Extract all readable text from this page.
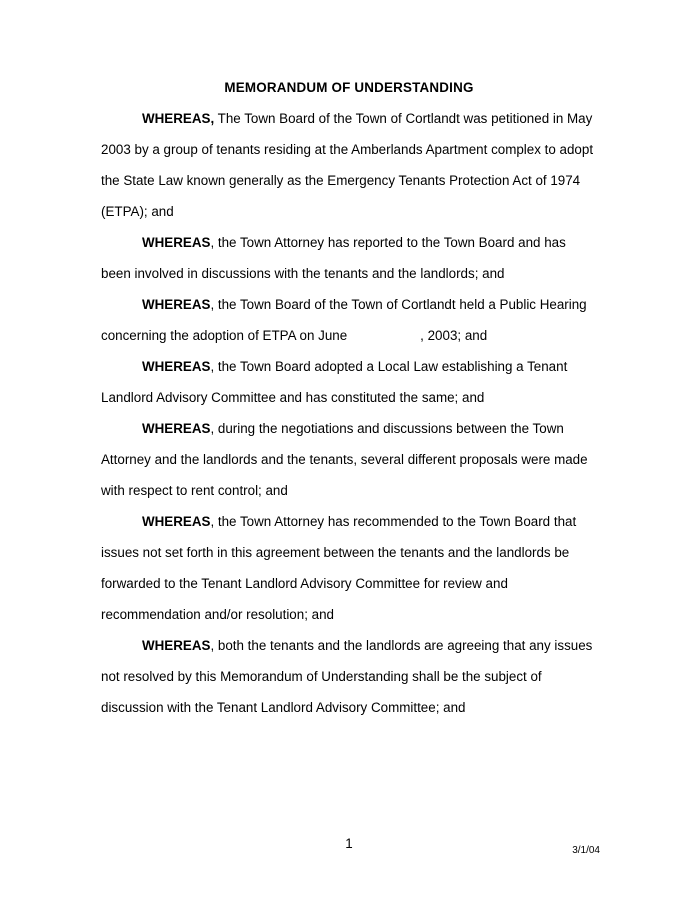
MEMORANDUM OF UNDERSTANDING

WHEREAS, The Town Board of the Town of Cortlandt was petitioned in May 2003 by a group of tenants residing at the Amberlands Apartment complex to adopt the State Law known generally as the Emergency Tenants Protection Act of 1974 (ETPA); and

WHEREAS, the Town Attorney has reported to the Town Board and has been involved in discussions with the tenants and the landlords; and

WHEREAS, the Town Board of the Town of Cortlandt held a Public Hearing concerning the adoption of ETPA on June	, 2003; and

WHEREAS, the Town Board adopted a Local Law establishing a Tenant Landlord Advisory Committee and has constituted the same; and

WHEREAS, during the negotiations and discussions between the Town Attorney and the landlords and the tenants, several different proposals were made with respect to rent control; and

WHEREAS, the Town Attorney has recommended to the Town Board that issues not set forth in this agreement between the tenants and the landlords be forwarded to the Tenant Landlord Advisory Committee for review and recommendation and/or resolution; and

WHEREAS, both the tenants and the landlords are agreeing that any issues not resolved by this Memorandum of Understanding shall be the subject of discussion with the Tenant Landlord Advisory Committee; and

1	3/1/04
